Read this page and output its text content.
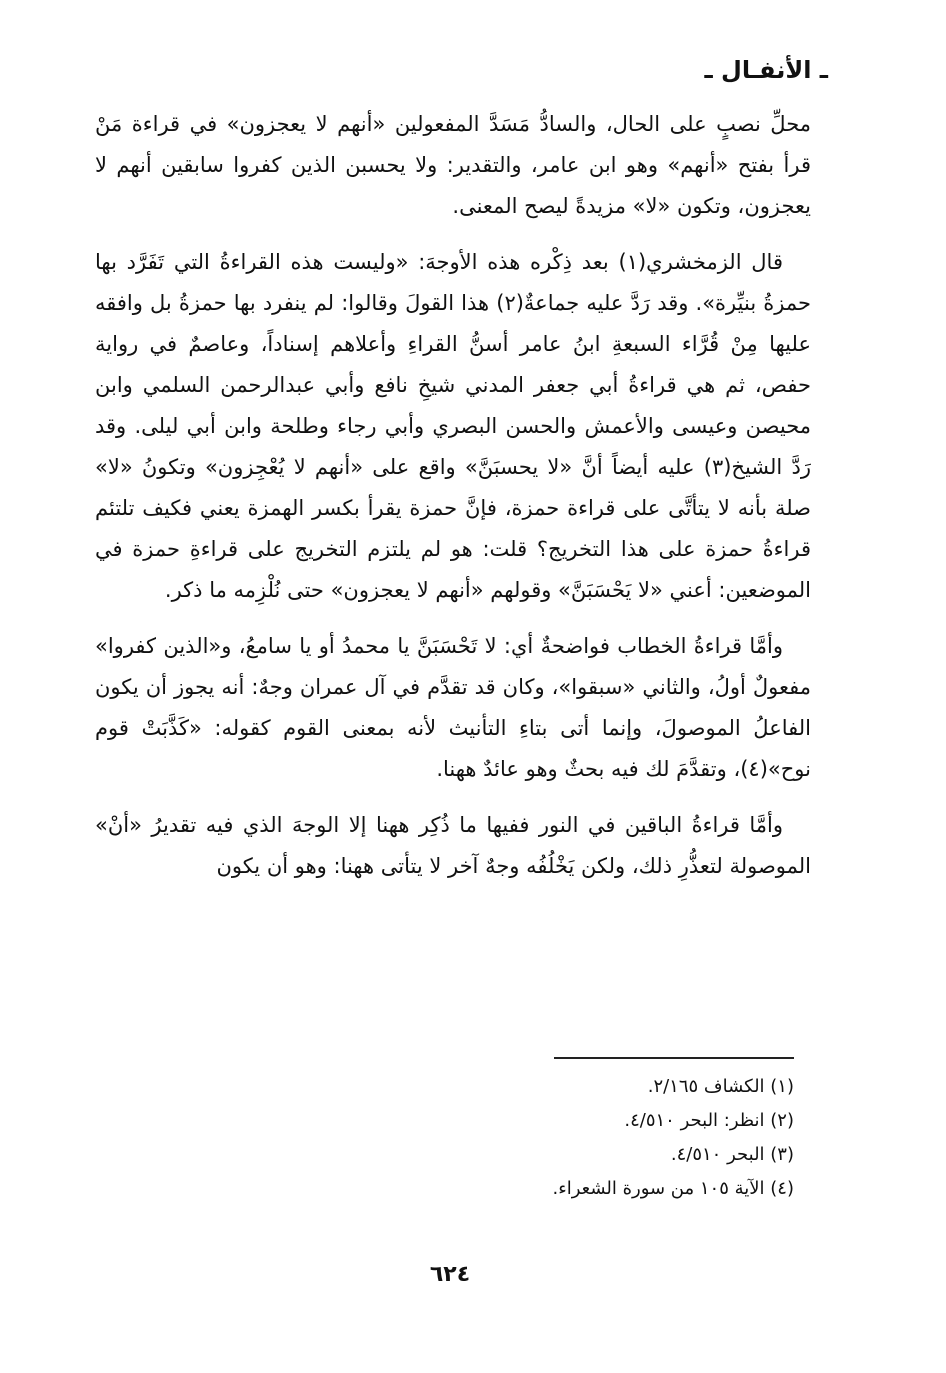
ـ الأنفـال ـ

محلِّ نصبٍ على الحال، والسادُّ مَسَدَّ المفعولين «أنهم لا يعجزون» في قراءة مَنْ قرأ بفتح «أنهم» وهو ابن عامر، والتقدير: ولا يحسبن الذين كفروا سابقين أنهم لا يعجزون، وتكون «لا» مزيدةً ليصح المعنى.

قال الزمخشري(١) بعد ذِكْره هذه الأوجهَ: «وليست هذه القراءةُ التي تَفَرَّد بها حمزةُ بنيِّرة». وقد رَدَّ عليه جماعةٌ(٢) هذا القولَ وقالوا: لم ينفرد بها حمزةُ بل وافقه عليها مِنْ قُرَّاء السبعةِ ابنُ عامر أسنُّ القراءِ وأعلاهم إسناداً، وعاصمٌ في رواية حفص، ثم هي قراءةُ أبي جعفر المدني شيخِ نافع وأبي عبدالرحمن السلمي وابن محيصن وعيسى والأعمش والحسن البصري وأبي رجاء وطلحة وابن أبي ليلى. وقد رَدَّ الشيخ(٣) عليه أيضاً أنَّ «لا يحسبَنَّ» واقع على «أنهم لا يُعْجِزون» وتكونُ «لا» صلة بأنه لا يتأتَّى على قراءة حمزة، فإنَّ حمزة يقرأ بكسر الهمزة يعني فكيف تلتئم قراءةُ حمزة على هذا التخريج؟ قلت: هو لم يلتزم التخريج على قراءةِ حمزة في الموضعين: أعني «لا يَحْسَبَنَّ» وقولهم «أنهم لا يعجزون» حتى نُلْزِمه ما ذكر.

وأمَّا قراءةُ الخطاب فواضحةٌ أي: لا تَحْسَبَنَّ يا محمدُ أو يا سامعُ، و«الذين كفروا» مفعولٌ أولُ، والثاني «سبقوا»، وكان قد تقدَّم في آل عمران وجهٌ: أنه يجوز أن يكون الفاعلُ الموصولَ، وإنما أتى بتاءِ التأنيث لأنه بمعنى القوم كقوله: «كَذَّبَتْ قوم نوح»(٤)، وتقدَّمَ لك فيه بحثٌ وهو عائدٌ ههنا.

وأمَّا قراءةُ الباقين في النور ففيها ما ذُكِر ههنا إلا الوجهَ الذي فيه تقديرُ «أنْ» الموصولة لتعذُّرِ ذلك، ولكن يَخْلُفُه وجهٌ آخر لا يتأتى ههنا: وهو أن يكون

(١) الكشاف ٢/١٦٥.
(٢) انظر: البحر ٤/٥١٠.
(٣) البحر ٤/٥١٠.
(٤) الآية ١٠٥ من سورة الشعراء.
٦٢٤
